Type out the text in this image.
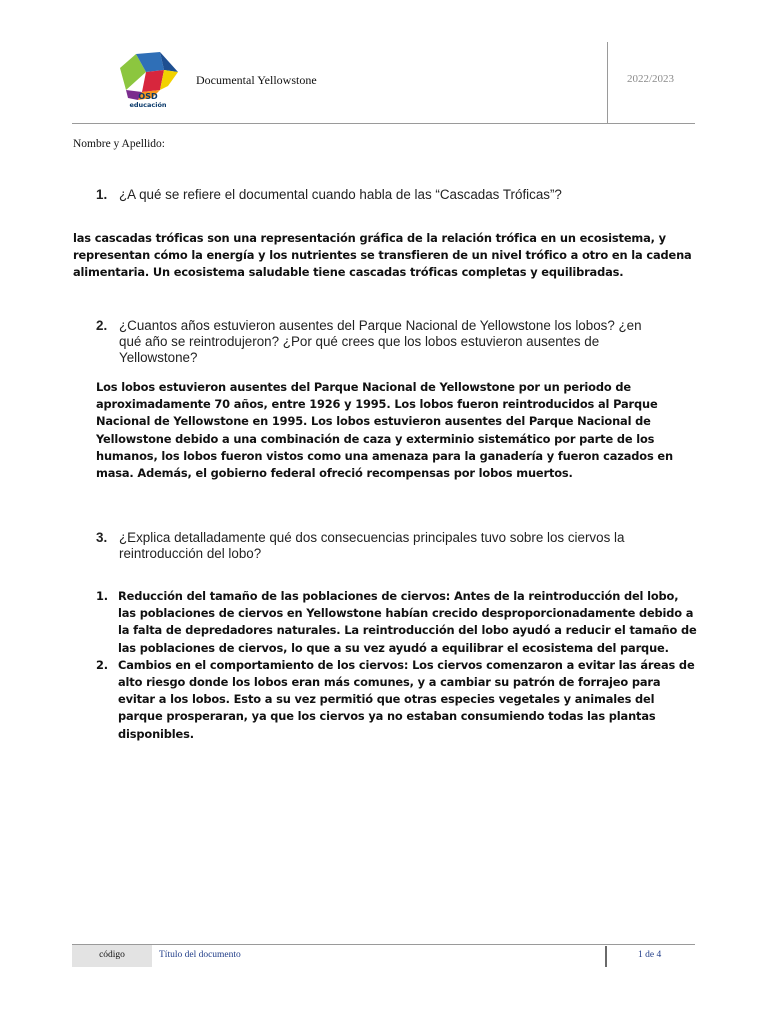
OSD
educación
Documental Yellowstone	2022/2023
Nombre y Apellido:
1. ¿A qué se refiere el documental cuando habla de las “Cascadas Tróficas”?
las cascadas tróficas son una representación gráfica de la relación trófica en un ecosistema, y representan cómo la energía y los nutrientes se transfieren de un nivel trófico a otro en la cadena alimentaria. Un ecosistema saludable tiene cascadas tróficas completas y equilibradas.
2. ¿Cuantos años estuvieron ausentes del Parque Nacional de Yellowstone los lobos? ¿en qué año se reintrodujeron? ¿Por qué crees que los lobos estuvieron ausentes de Yellowstone?
Los lobos estuvieron ausentes del Parque Nacional de Yellowstone por un periodo de aproximadamente 70 años, entre 1926 y 1995. Los lobos fueron reintroducidos al Parque Nacional de Yellowstone en 1995. Los lobos estuvieron ausentes del Parque Nacional de Yellowstone debido a una combinación de caza y exterminio sistemático por parte de los humanos, los lobos fueron vistos como una amenaza para la ganadería y fueron cazados en masa. Además, el gobierno federal ofreció recompensas por lobos muertos.
3. ¿Explica detalladamente qué dos consecuencias principales tuvo sobre los ciervos la reintroducción del lobo?
1. Reducción del tamaño de las poblaciones de ciervos: Antes de la reintroducción del lobo, las poblaciones de ciervos en Yellowstone habían crecido desproporcionadamente debido a la falta de depredadores naturales. La reintroducción del lobo ayudó a reducir el tamaño de las poblaciones de ciervos, lo que a su vez ayudó a equilibrar el ecosistema del parque.
2. Cambios en el comportamiento de los ciervos: Los ciervos comenzaron a evitar las áreas de alto riesgo donde los lobos eran más comunes, y a cambiar su patrón de forrajeo para evitar a los lobos. Esto a su vez permitió que otras especies vegetales y animales del parque prosperaran, ya que los ciervos ya no estaban consumiendo todas las plantas disponibles.
código	Título del documento	1 de 4
